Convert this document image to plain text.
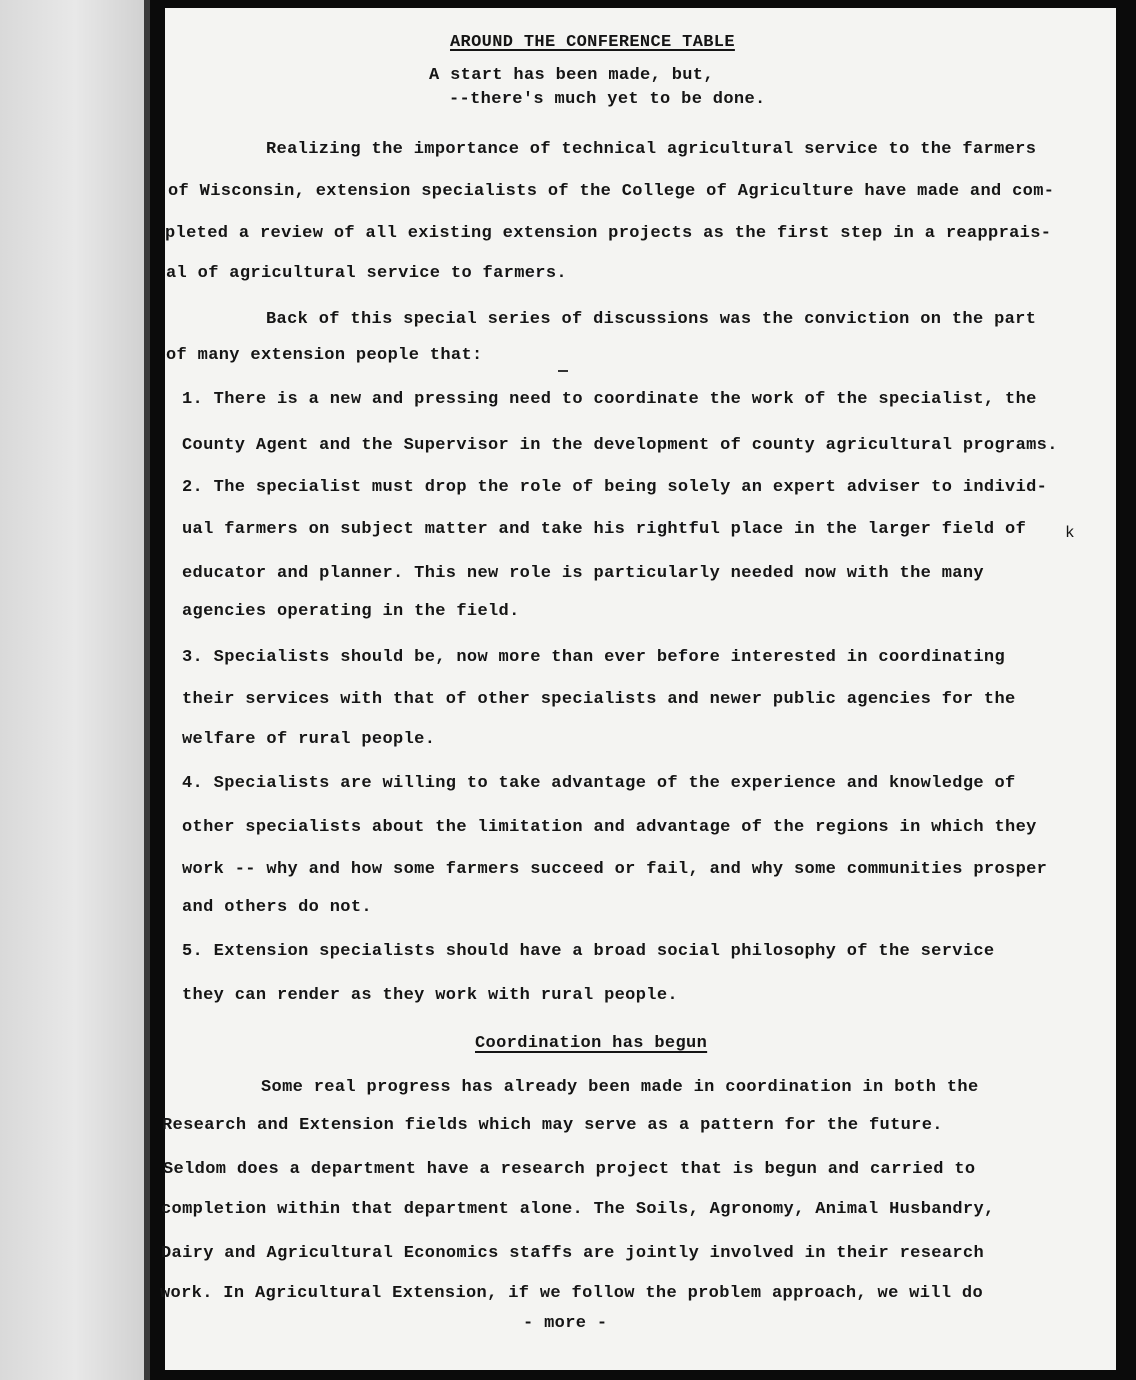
AROUND THE CONFERENCE TABLE
A start has been made, but,
--there's much yet to be done.
Realizing the importance of technical agricultural service to the farmers
of Wisconsin, extension specialists of the College of Agriculture have made and com-
pleted a review of all existing extension projects as the first step in a reapprais-
al of agricultural service to farmers.
Back of this special series of discussions was the conviction on the part
of many extension people that:
1. There is a new and pressing need to coordinate the work of the specialist, the
County Agent and the Supervisor in the development of county agricultural programs.
2. The specialist must drop the role of being solely an expert adviser to individ-
ual farmers on subject matter and take his rightful place in the larger field of
educator and planner. This new role is particularly needed now with the many
agencies operating in the field.
3. Specialists should be, now more than ever before interested in coordinating
their services with that of other specialists and newer public agencies for the
welfare of rural people.
4. Specialists are willing to take advantage of the experience and knowledge of
other specialists about the limitation and advantage of the regions in which they
work -- why and how some farmers succeed or fail, and why some communities prosper
and others do not.
5. Extension specialists should have a broad social philosophy of the service
they can render as they work with rural people.
Coordination has begun
Some real progress has already been made in coordination in both the
Research and Extension fields which may serve as a pattern for the future.
Seldom does a department have a research project that is begun and carried to
completion within that department alone. The Soils, Agronomy, Animal Husbandry,
Dairy and Agricultural Economics staffs are jointly involved in their research
work. In Agricultural Extension, if we follow the problem approach, we will do
- more -
k
